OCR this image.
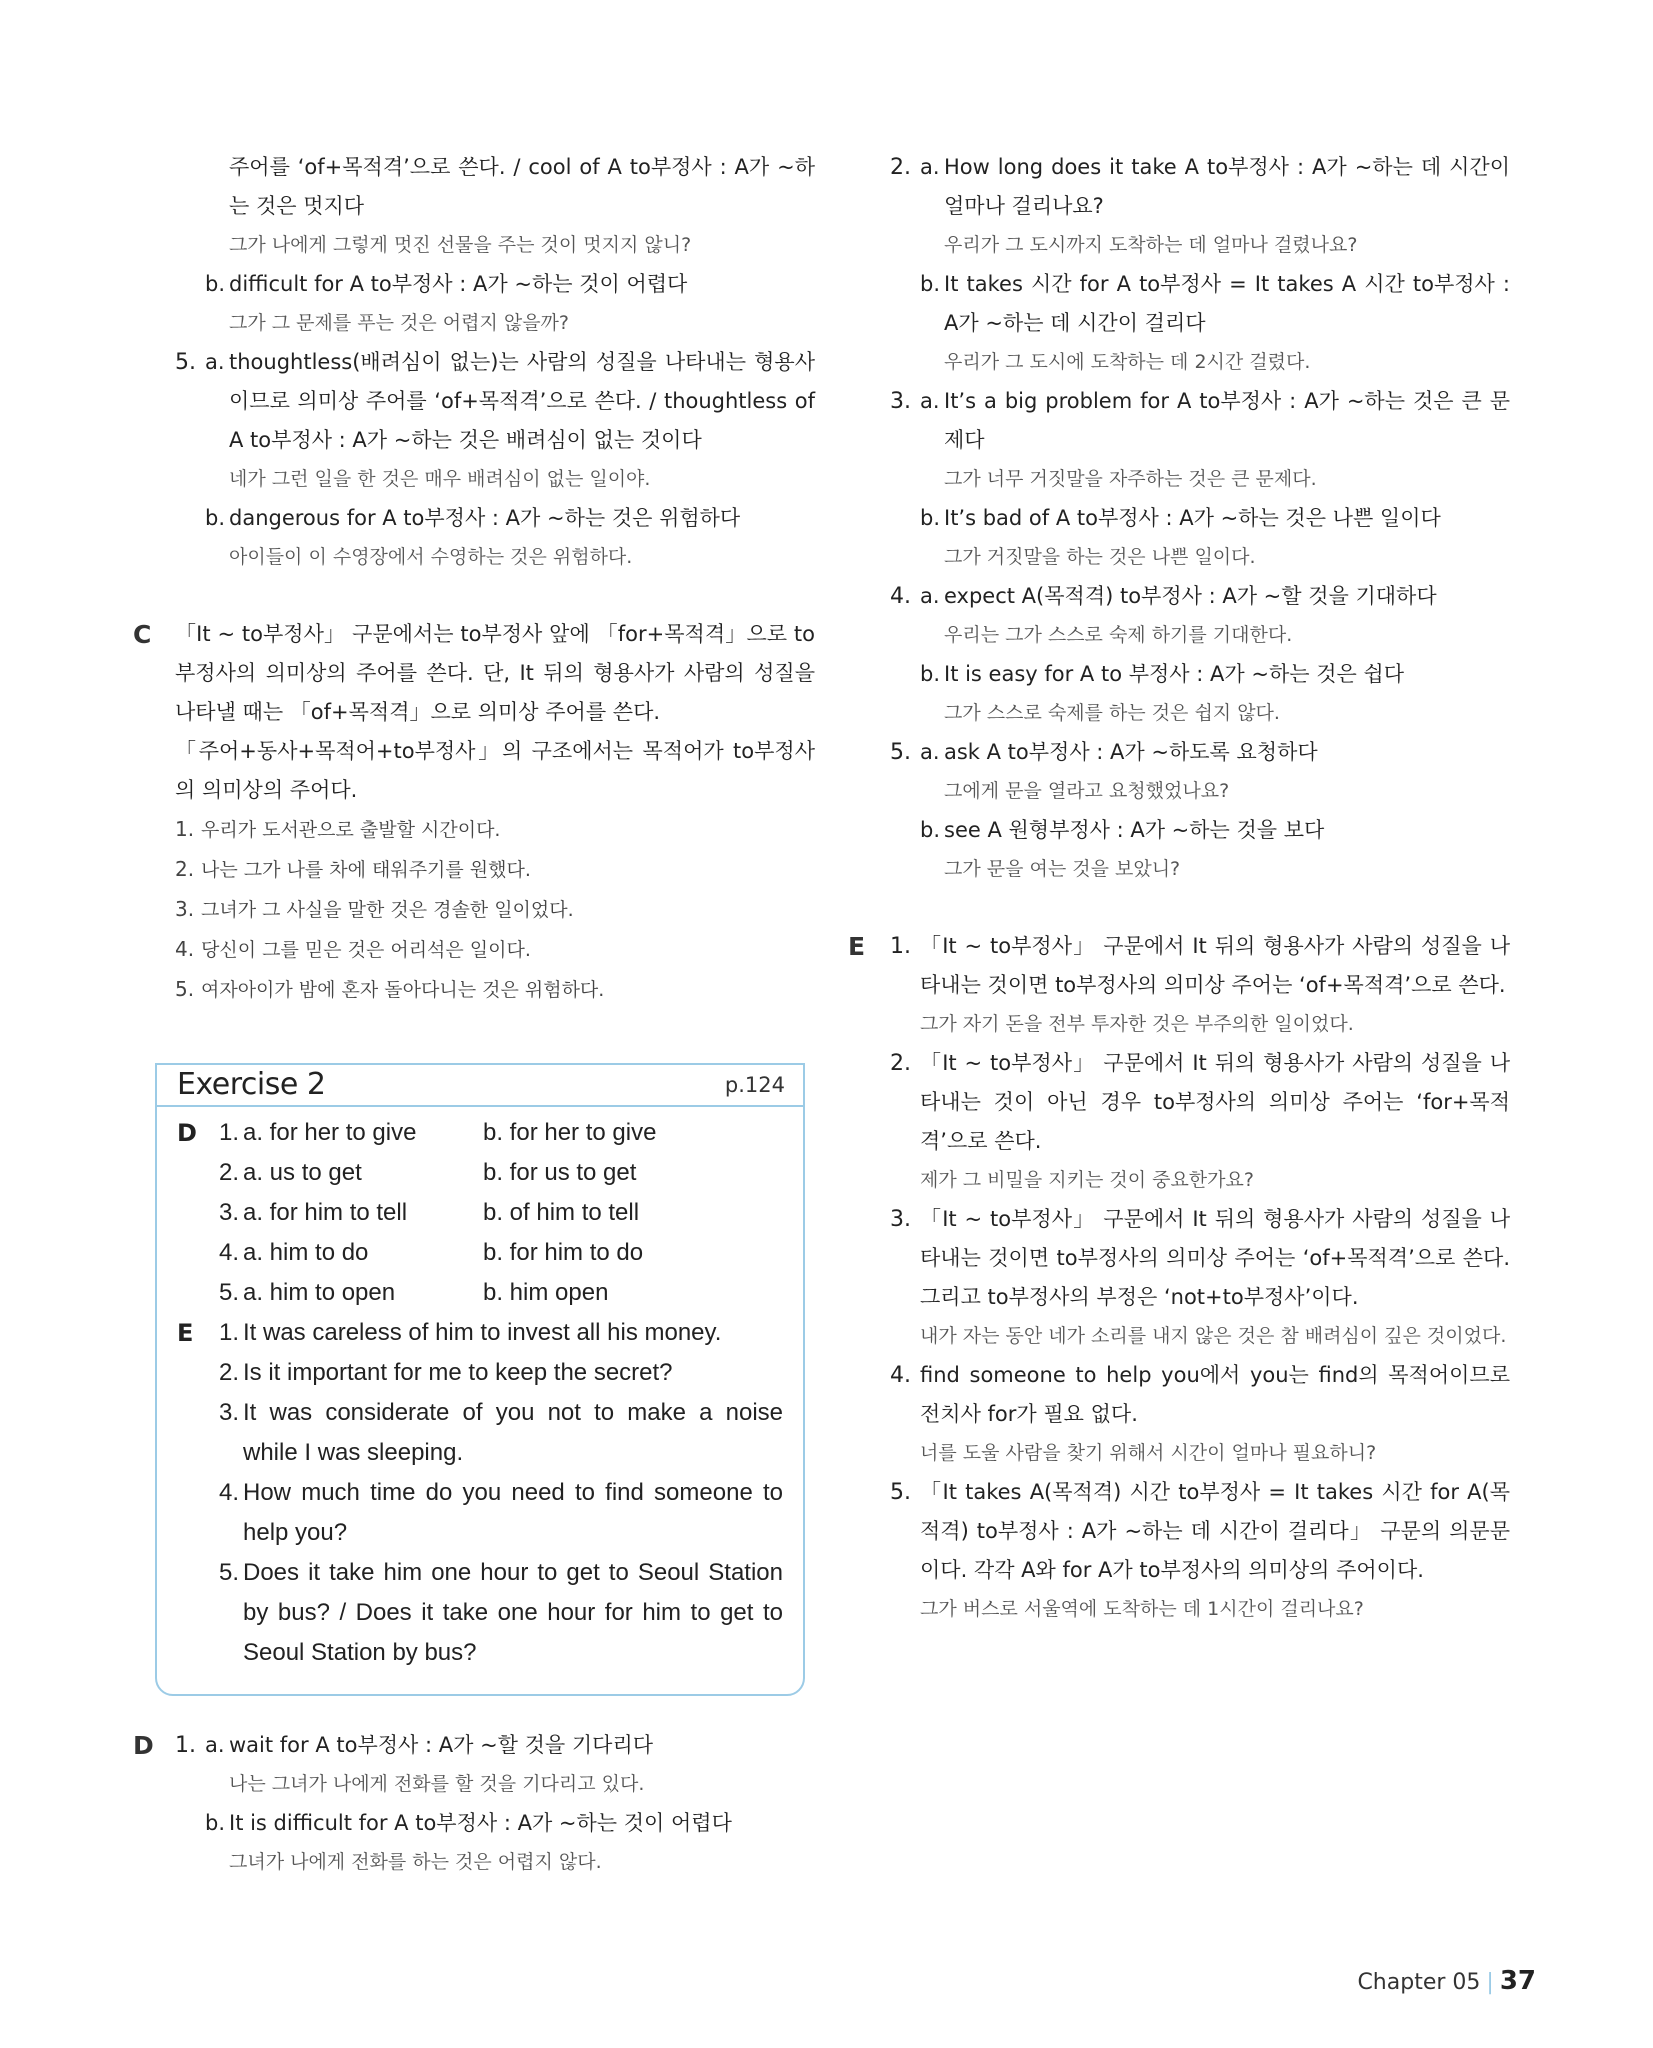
주어를 ‘of+목적격’으로 쓴다. / cool of A to부정사 : A가 ~하는 것은 멋지다
그가 나에게 그렇게 멋진 선물을 주는 것이 멋지지 않니?
b. difficult for A to부정사 : A가 ~하는 것이 어렵다
그가 그 문제를 푸는 것은 어렵지 않을까?
5. a. thoughtless(배려심이 없는)는 사람의 성질을 나타내는 형용사이므로 의미상 주어를 ‘of+목적격’으로 쓴다. / thoughtless of A to부정사 : A가 ~하는 것은 배려심이 없는 것이다
네가 그런 일을 한 것은 매우 배려심이 없는 일이야.
b. dangerous for A to부정사 : A가 ~하는 것은 위험하다
아이들이 이 수영장에서 수영하는 것은 위험하다.
C	「It ~ to부정사」 구문에서는 to부정사 앞에 「for+목적격」으로 to부정사의 의미상의 주어를 쓴다. 단, It 뒤의 형용사가 사람의 성질을 나타낼 때는 「of+목적격」으로 의미상 주어를 쓴다.
「주어+동사+목적어+to부정사」의 구조에서는 목적어가 to부정사의 의미상의 주어다.
1. 우리가 도서관으로 출발할 시간이다.
2. 나는 그가 나를 차에 태워주기를 원했다.
3. 그녀가 그 사실을 말한 것은 경솔한 일이었다.
4. 당신이 그를 믿은 것은 어리석은 일이다.
5. 여자아이가 밤에 혼자 돌아다니는 것은 위험하다.
Exercise 2	p.124
D 1. a. for her to give	b. for her to give
2. a. us to get	b. for us to get
3. a. for him to tell	b. of him to tell
4. a. him to do	b. for him to do
5. a. him to open	b. him open
E 1. It was careless of him to invest all his money.
2. Is it important for me to keep the secret?
3. It was considerate of you not to make a noise while I was sleeping.
4. How much time do you need to find someone to help you?
5. Does it take him one hour to get to Seoul Station by bus? / Does it take one hour for him to get to Seoul Station by bus?
D 1. a. wait for A to부정사 : A가 ~할 것을 기다리다
나는 그녀가 나에게 전화를 할 것을 기다리고 있다.
b. It is difficult for A to부정사 : A가 ~하는 것이 어렵다
그녀가 나에게 전화를 하는 것은 어렵지 않다.
2. a. How long does it take A to부정사 : A가 ~하는 데 시간이 얼마나 걸리나요?
우리가 그 도시까지 도착하는 데 얼마나 걸렸나요?
b. It takes 시간 for A to부정사 = It takes A 시간 to부정사 : A가 ~하는 데 시간이 걸리다
우리가 그 도시에 도착하는 데 2시간 걸렸다.
3. a. It’s a big problem for A to부정사 : A가 ~하는 것은 큰 문제다
그가 너무 거짓말을 자주하는 것은 큰 문제다.
b. It’s bad of A to부정사 : A가 ~하는 것은 나쁜 일이다
그가 거짓말을 하는 것은 나쁜 일이다.
4. a. expect A(목적격) to부정사 : A가 ~할 것을 기대하다
우리는 그가 스스로 숙제 하기를 기대한다.
b. It is easy for A to 부정사 : A가 ~하는 것은 쉽다
그가 스스로 숙제를 하는 것은 쉽지 않다.
5. a. ask A to부정사 : A가 ~하도록 요청하다
그에게 문을 열라고 요청했었나요?
b. see A 원형부정사 : A가 ~하는 것을 보다
그가 문을 여는 것을 보았니?
E	1. 「It ~ to부정사」 구문에서 It 뒤의 형용사가 사람의 성질을 나타내는 것이면 to부정사의 의미상 주어는 ‘of+목적격’으로 쓴다.
그가 자기 돈을 전부 투자한 것은 부주의한 일이었다.
2. 「It ~ to부정사」 구문에서 It 뒤의 형용사가 사람의 성질을 나타내는 것이 아닌 경우 to부정사의 의미상 주어는 ‘for+목적격’으로 쓴다.
제가 그 비밀을 지키는 것이 중요한가요?
3. 「It ~ to부정사」 구문에서 It 뒤의 형용사가 사람의 성질을 나타내는 것이면 to부정사의 의미상 주어는 ‘of+목적격’으로 쓴다. 그리고 to부정사의 부정은 ‘not+to부정사’이다.
내가 자는 동안 네가 소리를 내지 않은 것은 참 배려심이 깊은 것이었다.
4. find someone to help you에서 you는 find의 목적어이므로 전치사 for가 필요 없다.
너를 도울 사람을 찾기 위해서 시간이 얼마나 필요하니?
5. 「It takes A(목적격) 시간 to부정사 = It takes 시간 for A(목적격) to부정사 : A가 ~하는 데 시간이 걸리다」 구문의 의문문이다. 각각 A와 for A가 to부정사의 의미상의 주어이다.
그가 버스로 서울역에 도착하는 데 1시간이 걸리나요?
Chapter 05 | 37
